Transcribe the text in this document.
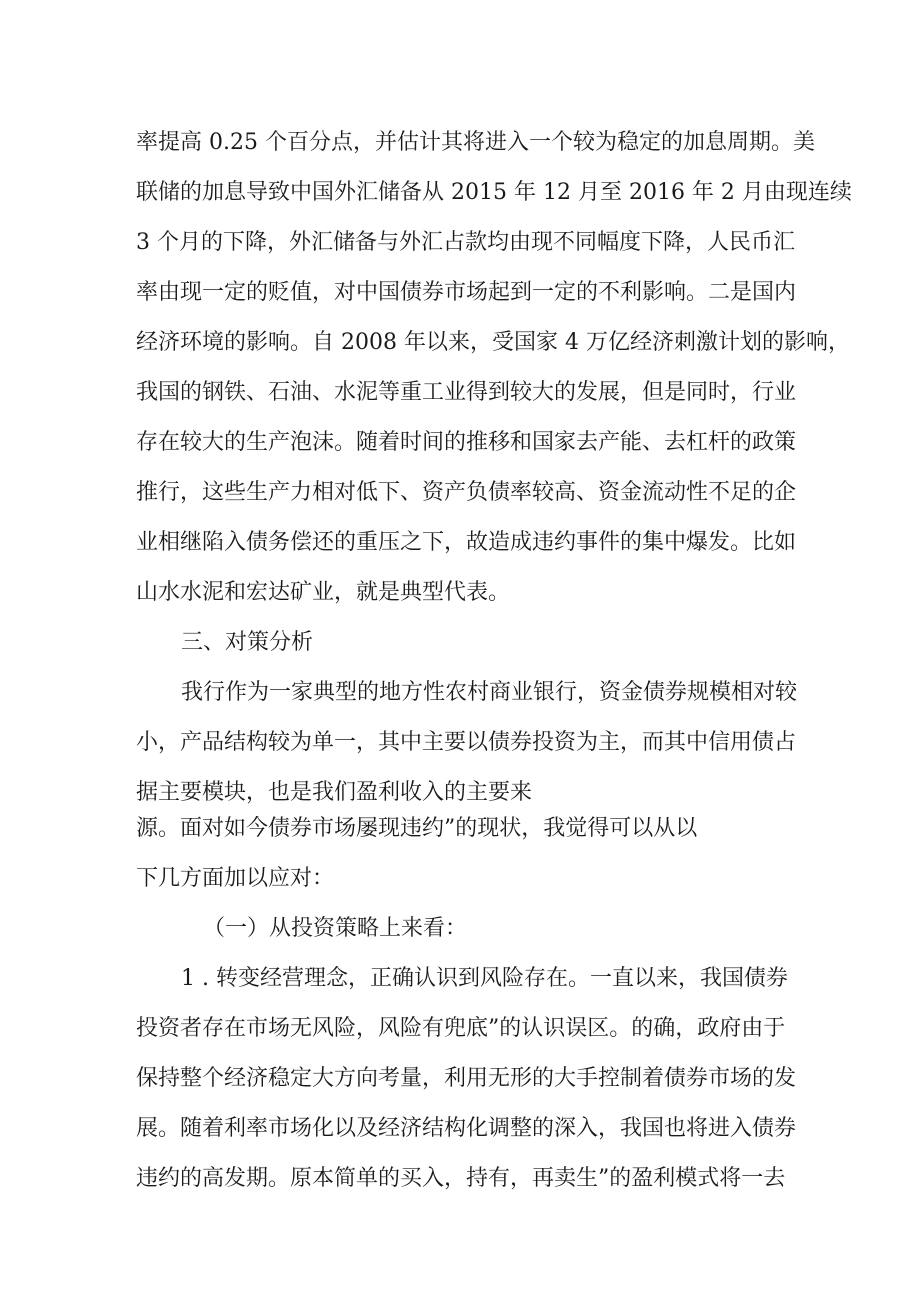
率提高 0.25 个百分点，并估计其将进入一个较为稳定的加息周期。美
联储的加息导致中国外汇储备从 2015 年 12 月至 2016 年 2 月由现连续
3 个月的下降，外汇储备与外汇占款均由现不同幅度下降，人民币汇
率由现一定的贬值，对中国债券市场起到一定的不利影响。二是国内
经济环境的影响。自 2008 年以来，受国家 4 万亿经济刺激计划的影响，
我国的钢铁、石油、水泥等重工业得到较大的发展，但是同时，行业
存在较大的生产泡沫。随着时间的推移和国家去产能、去杠杆的政策
推行，这些生产力相对低下、资产负债率较高、资金流动性不足的企
业相继陷入债务偿还的重压之下，故造成违约事件的集中爆发。比如
山水水泥和宏达矿业，就是典型代表。
三、对策分析
我行作为一家典型的地方性农村商业银行，资金债券规模相对较
小，产品结构较为单一，其中主要以债券投资为主，而其中信用债占
据主要模块，也是我们盈利收入的主要来
源。面对如今债券市场屡现违约”的现状，我觉得可以从以
下几方面加以应对：
（一）从投资策略上来看：
1 . 转变经营理念，正确认识到风险存在。一直以来，我国债券
投资者存在市场无风险，风险有兜底”的认识误区。的确，政府由于
保持整个经济稳定大方向考量，利用无形的大手控制着债券市场的发
展。随着利率市场化以及经济结构化调整的深入，我国也将进入债券
违约的高发期。原本简单的买入，持有，再卖生”的盈利模式将一去
